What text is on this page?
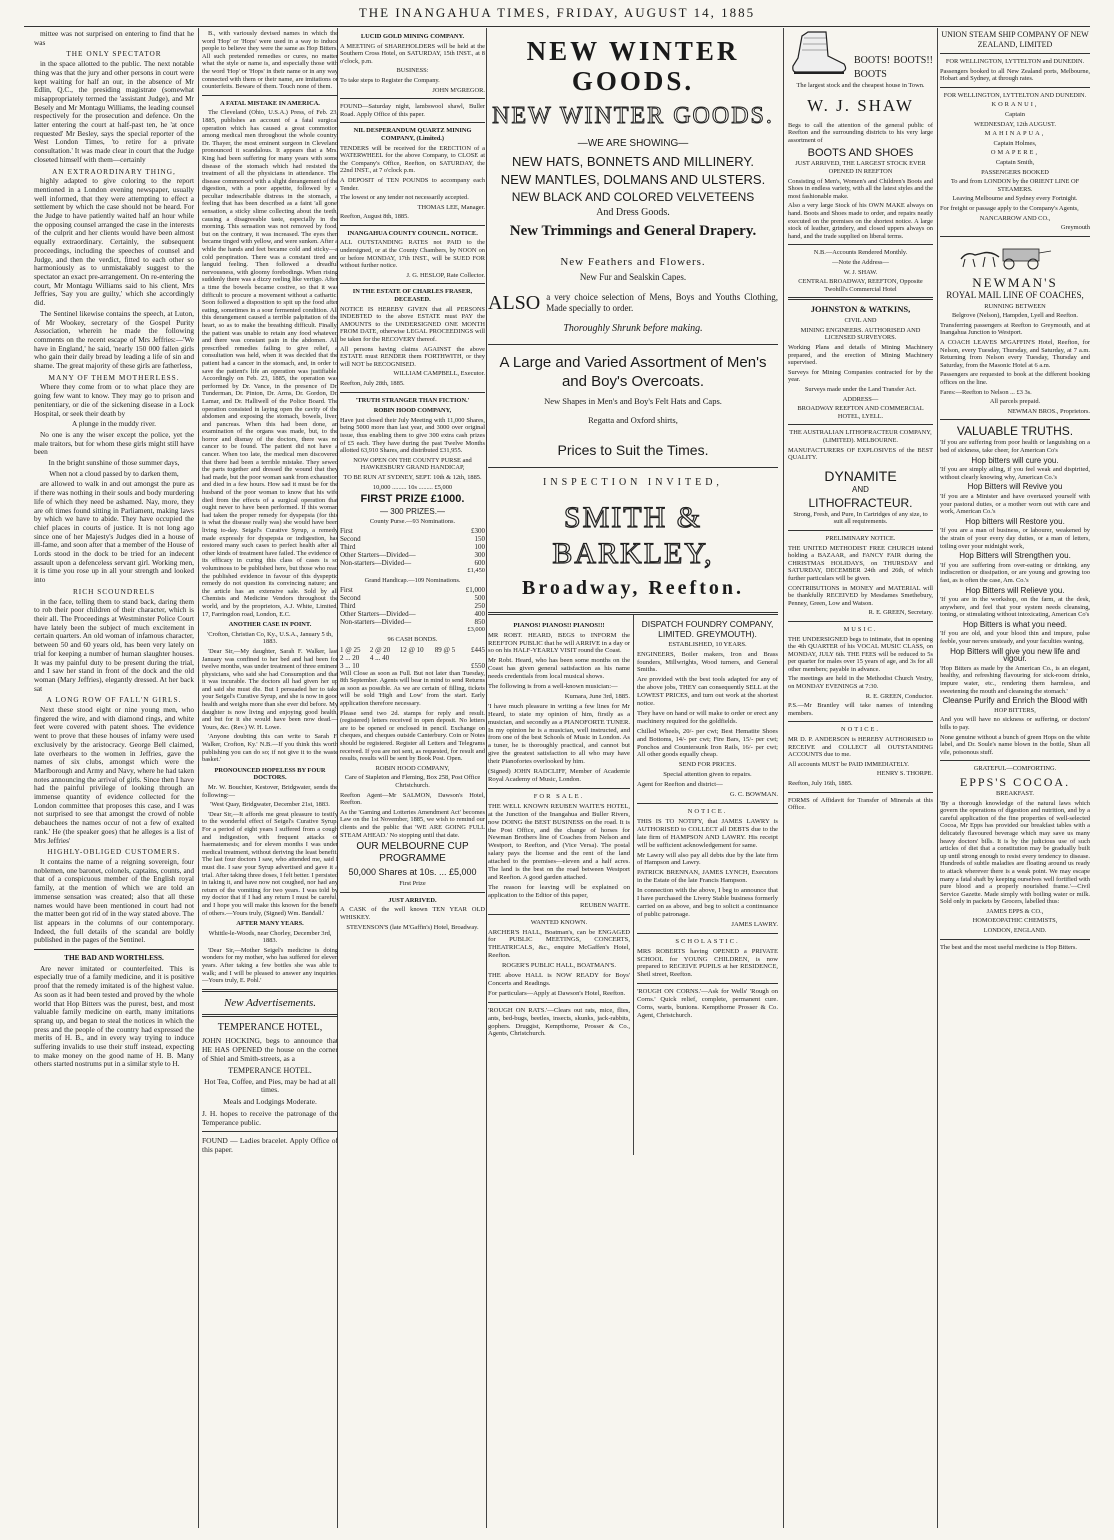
THE INANGAHUA TIMES, FRIDAY, AUGUST 14, 1885

mittee was not surprised on entering to find that he was

THE ONLY SPECTATOR

in the space allotted to the public. The next notable thing was that the jury and other persons in court were kept waiting for half an our, in the absence of Mr Edlin, Q.C., the presiding magistrate (somewhat misappropriately termed the 'assistant Judge), and Mr Besely and Mr Montagu Williams, the leading counsel respectively for the prosecution and defence. On the latter entering the court at half-past ten, he 'at once requested' Mr Besley, says the special reporter of the West London Times, 'to retire for a private consultation.' It was made clear in court that the Judge closeted himself with them—certainly

AN EXTRAORDINARY THING,

highly adapted to give coloring to the report mentioned in a London evening newspaper, usually well informed, that they were attempting to effect a settlement by which the case should not be heard. For the Judge to have patiently waited half an hour while the opposing counsel arranged the case in the interests of the culprit and her clients would have been almost equally extraordinary. Certainly, the subsequent proceedings, including the speeches of counsel and Judge, and then the verdict, fitted to each other so harmoniously as to unmistakably suggest to the spectator an exact pre-arrangement. On re-entering the court, Mr Montagu Williams said to his client, Mrs Jeffries, 'Say you are guilty,' which she accordingly did.

The Sentinel likewise contains the speech, at Luton, of Mr Wookey, secretary of the Gospel Purity Association, wherein he made the following comments on the recent escape of Mrs Jeffries:—'We have in England,' he said, 'nearly 150 000 fallen girls who gain their daily bread by leading a life of sin and shame. The great majority of these girls are fatherless,

MANY OF THEM MOTHERLESS.

Where they come from or to what place they are going few want to know. They may go to prison and penitentiary, or die of the sickening disease in a Lock Hospital, or seek their death by

A plunge in the muddy river.

No one is any the wiser except the police, yet the male traitors, but for whom these girls might still have been

In the bright sunshine of those summer days,

When not a cloud passed by to darken them,

are allowed to walk in and out amongst the pure as if there was nothing in their souls and body murdering life of which they need be ashamed. Nay, more, they are oft times found sitting in Parliament, making laws by which we have to abide. They have occupied the chief places in courts of justice. It is not long ago since one of her Majesty's Judges died in a house of ill-fame, and soon after that a member of the House of Lords stood in the dock to be tried for an indecent assault upon a defenceless servant girl. Working men, it is time you rose up in all your strength and looked into

RICH SCOUNDRELS

in the face, telling them to stand back, daring them to rob their poor children of their character, which is their all. The Proceedings at Westminster Police Court have lately been the subject of much excitement in certain quarters. An old woman of infamous character, between 50 and 60 years old, has been very lately on trial for keeping a number of human slaughter houses. It was my painful duty to be present during the trial, and I saw her stand in front of the dock and the old woman (Mary Jeffries), elegantly dressed. At her back sat

A LONG ROW OF FALL'N GIRLS.

Next these stood eight or nine young men, who fingered the wire, and with diamond rings, and white feet were covered with patent shoes. The evidence went to prove that these houses of infamy were used exclusively by the aristocracy. George Bell claimed, late overhears to the women in Jeffries, gave the names of six clubs, amongst which were the Marlborough and Army and Navy, where he had taken notes announcing the arrival of girls. Since then I have had the painful privilege of looking through an immense quantity of evidence collected for the London committee that proposes this case, and I was not surprised to see that amongst the crowd of noble debauchees the names occur of not a few of exalted rank.' He (the speaker goes) that he alleges is a list of Mrs Jeffries'

HIGHLY-OBLIGED CUSTOMERS.

It contains the name of a reigning sovereign, four noblemen, one baronet, colonels, captains, counts, and that of a conspicuous member of the English royal family, at the mention of which we are told an immense sensation was created; also that all these names would have been mentioned in court had not the matter been got rid of in the way stated above. The list appears in the columns of our contemporary. Indeed, the full details of the scandal are boldly published in the pages of the Sentinel.

THE BAD AND WORTHLESS.

Are never imitated or counterfeited. This is especially true of a family medicine, and it is positive proof that the remedy imitated is of the highest value. As soon as it had been tested and proved by the whole world that Hop Bitters was the purest, best, and most valuable family medicine on earth, many imitations sprang up, and began to steal the notices in which the press and the people of the country had expressed the merits of H. B., and in every way trying to induce suffering invalids to use their stuff instead, expecting to make money on the good name of H. B. Many others started nostrums put in a similar style to H.

B., with variously devised names in which the word 'Hop' or 'Hops' were used in a way to induce people to believe they were the same as Hop Bitters. All such pretended remedies or cures, no matter what the style or name is, and especially those with the word 'Hop' or 'Hops' in their name or in any way connected with them or their name, are imitations or counterfeits. Beware of them. Touch none of them.

A FATAL MISTAKE IN AMERICA.

The Cleveland (Ohio, U.S.A.) Press, of Feb. 23, 1885, publishes an account of a fatal surgical operation which has caused a great commotion among medical men throughout the whole country. Dr. Thayer, the most eminent surgeon in Cleveland pronounced it scandalous. It appears that a Mrs. King had been suffering for many years with some disease of the stomach which had resisted the treatment of all the physicians in attendance. The disease commenced with a slight derangement of the digestion, with a poor appetite, followed by a peculiar indescribable distress in the stomach, a feeling that has been described as a faint 'all gone' sensation, a sticky slime collecting about the teeth, causing a disagreeable taste, especially in the morning. This sensation was not removed by food, but on the contrary, it was increased. The eyes then became tinged with yellow, and were sunken. After a while the hands and feet became cold and sticky—a cold perspiration. There was a constant tired and languid feeling. Then followed a dreadful nervousness, with gloomy forebodings. When rising suddenly there was a dizzy reeling like vertigo. After a time the bowels became costive, so that it was difficult to procure a movement without a cathartic. Soon followed a disposition to spit up the food after eating, sometimes in a sour fermented condition. All this derangement caused a terrible palpitation of the heart, so as to make the breathing difficult. Finally, the patient was unable to retain any food whatever, and there was constant pain in the abdomen. All prescribed remedies failing to give relief, a consultation was held, when it was decided that the patient had a cancer in the stomach, and, in order to save the patient's life an operation was justifiable. Accordingly on Feb. 23, 1885, the operation was performed by Dr. Vance, in the presence of Dr. Tunderman, Dr. Pinton, Dr. Arms, Dr. Gordon, Dr. Lamar, and Dr. Halliwell of the Police Board. The operation consisted in laying open the cavity of the abdomen and exposing the stomach, bowels, liver, and pancreas. When this had been done, an examination of the organs was made, but, to the horror and dismay of the doctors, there was no cancer to be found. The patient did not have a cancer. When too late, the medical men discovered that there had been a terrible mistake. They sewed the parts together and dressed the wound that they had made, but the poor woman sank from exhaustion and died in a few hours. How sad it must be for the husband of the poor woman to know that his wife died from the effects of a surgical operation that ought never to have been performed. If this woman had taken the proper remedy for dyspepsia (for this is what the disease really was) she would have been living to-day. Seigel's Curative Syrup, a remedy made expressly for dyspepsia or indigestion, has restored many such cases to perfect health after all other kinds of treatment have failed. The evidence of its efficacy in curing this class of cases is so voluminous to be published here, but those who read the published evidence in favour of this dyspeptic remedy do not question its convincing nature; and the article has an extensive sale. Sold by all Chemists and Medicine Vendors throughout the world, and by the proprietors, A.J. White, Limited, 17, Farringdon road, London, E.C.

ANOTHER CASE IN POINT.

'Crofton, Christian Co, Ky., U.S.A., January 5 th, 1883.

'Dear Sir,—My daughter, Sarah F. Walker, last January was confined to her bed and had been for twelve months, was under treatment of three eminent physicians, who said she had Consumption and that it was incurable. The doctors all had given her up and said she must die. But I persuaded her to take your Seigel's Curative Syrup, and she is now in good health and weighs more than she ever did before. My daughter is now living and enjoying good health, and but for it she would have been now dead.—Yours, &c. (Rev.) W. H. Lowe.

'Anyone doubting this can write to Sarah F. Walker, Crofton, Ky.' N.B.—If you think this worth publishing you can do so; if not give it to the waste basket.'

PRONOUNCED HOPELESS BY FOUR DOCTORS.

Mr. W. Bouchier, Kestover, Bridgwater, sends the following:—

'West Quay, Bridgwater, December 21st, 1883.

'Dear Sir,—It affords me great pleasure to testify to the wonderful effect of Seigel's Curative Syrup. For a period of eight years I suffered from a cough and indigestion, with frequent attacks of haematemesis; and for eleven months I was under medical treatment, without deriving the least benefit. The last four doctors I saw, who attended me, said I must die. I saw your Syrup advertised and gave it a trial. After taking three doses, I felt better. I persisted in taking it, and have now not coughed, nor had any return of the vomiting for two years. I was told by my doctor that if I had any return I must be careful, and I hope you will make this known for the benefit of others.—Yours truly, (Signed) Wm. Bandall.'

AFTER MANY YEARS.

Whittle-le-Woods, near Chorley, December 3rd, 1883.

'Dear Sir,—Mother Seigel's medicine is doing wonders for my mother, who has suffered for eleven years. After taking a few bottles she was able to walk; and I will be pleased to answer any inquiries.—Yours truly, E. Pohl.'

New Advertisements.

TEMPERANCE HOTEL,

JOHN HOCKING, begs to announce that HE HAS OPENED the house on the corner of Shiel and Smith-streets, as a

TEMPERANCE HOTEL.

Hot Tea, Coffee, and Pies, may be had at all times.

Meals and Lodgings Moderate.

J. H. hopes to receive the patronage of the Temperance public.

FOUND — Ladies bracelet. Apply Office of this paper.

LUCID GOLD MINING COMPANY.

A MEETING of SHAREHOLDERS will be held at the Southern Cross Hotel, on SATURDAY, 15th INST., at 8 o'clock, p.m.

BUSINESS:

To take steps to Register the Company.

JOHN M'GREGOR.

FOUND—Saturday night, lambswool shawl, Buller Road. Apply Office of this paper.

NIL DESPERANDUM QUARTZ MINING COMPANY, (Limited.)

TENDERS will be received for the ERECTION of a WATERWHEEL for the above Company, to CLOSE at the Company's Office, Reefton, on SATURDAY, the 22nd INST., at 7 o'clock p.m.

A DEPOSIT of TEN POUNDS to accompany each Tender.

The lowest or any tender not necessarily accepted.

THOMAS LEE, Manager.

Reefton, August 8th, 1885.

INANGAHUA COUNTY COUNCIL. NOTICE.

ALL OUTSTANDING RATES not PAID to the undersigned, or at the County Chambers, by NOON on or before MONDAY, 17th INST., will be SUED FOR without further notice.

J. G. HESLOP, Rate Collector.

IN THE ESTATE OF CHARLES FRASER, DECEASED.

NOTICE IS HEREBY GIVEN that all PERSONS INDEBTED to the above ESTATE must PAY the AMOUNTS to the UNDERSIGNED ONE MONTH FROM DATE, otherwise LEGAL PROCEEDINGS will be taken for the RECOVERY thereof.

All persons having claims AGAINST the above ESTATE must RENDER them FORTHWITH, or they will NOT be RECOGNISED.

WILLIAM CAMPBELL, Executor.

Reefton, July 28th, 1885.

'TRUTH STRANGER THAN FICTION.'

ROBIN HOOD COMPANY,

Have just closed their July Meeting with 11,000 Shares, being 5000 more than last year, and 3000 over original issue, thus enabling them to give 300 extra cash prizes of £5 each. They have during the past Twelve Months allotted 63,910 Shares, and distributed £31,955.

NOW OPEN ON THE COUNTY PURSE and HAWKESBURY GRAND HANDICAP,

TO BE RUN AT SYDNEY, SEPT. 10th & 12th, 1885.

10,000 ......... 10s ......... £5,000

FIRST PRIZE £1000.

— 300 PRIZES.—

County Purse.—93 Nominations.

First	£300
Second	150
Third	100
Other Starters—Divided—	300
Non-starters—Divided—	600

£1,450

Grand Handicap.—109 Nominations.

First	£1,000
Second	500
Third	250
Other Starters—Divided—	400
Non-starters—Divided—	850

£3,000

96 CASH BONDS.

1 @ 25	2 @ 20	12 @ 10	89 @ 5	£445
2 ... 20	4 ... 40			
3 ... 10				£550

Will Close as soon as Full. But not later than Tuesday, 8th September. Agents will bear in mind to send Returns as soon as possible. As we are certain of filling, tickets will be sold 'High and Low' from the start. Early application therefore necessary.

Please send two 2d. stamps for reply and result. (registered) letters received in open deposit. No letters are to be opened or enclosed in pencil. Exchange on cheques, and cheques outside Canterbury. Coin or Notes should be registered. Register all Letters and Telegrams received. If you are not sent, as requested, for result and results, results will be sent by Book Post. Open.

ROBIN HOOD COMPANY,

Care of Stapleton and Fleming, Box 258, Post Office Christchurch.

Reefton Agent—Mr SALMON, Dawson's Hotel, Reefton.

As the 'Gaming and Lotteries Amendment Act' becomes Law on the 1st November, 1885, we wish to remind our clients and the public that 'WE ARE GOING FULL STEAM AHEAD.' No stopping until that date.

OUR MELBOURNE CUP PROGRAMME

50,000 Shares at 10s. ... £5,000

First Prize

JUST ARRIVED.

A CASK of the well known TEN YEAR OLD WHISKEY.

STEVENSON'S (late M'Gaffin's) Hotel, Broadway.

NEW WINTER GOODS.
NEW WINTER GOODS.
—WE ARE SHOWING—
NEW HATS, BONNETS AND MILLINERY.
NEW MANTLES, DOLMANS AND ULSTERS.
NEW BLACK AND COLORED VELVETEENS
And Dress Goods.
New Trimmings and General Drapery.
New Feathers and Flowers.
New Fur and Sealskin Capes.
ALSO a very choice selection of Mens, Boys and Youths Clothing, Made specially to order.
Thoroughly Shrunk before making.
A Large and Varied Assortment of Men's and Boy's Overcoats.
New Shapes in Men's and Boy's Felt Hats and Caps.
Regatta and Oxford shirts,
Prices to Suit the Times.
INSPECTION INVITED,
SMITH & BARKLEY,
Broadway, Reefton.

PIANOS! PIANOS!! PIANOS!!!

MR ROBT. HEARD, BEGS to INFORM the REEFTON PUBLIC that he will ARRIVE in a day or so on his HALF-YEARLY VISIT round the Coast.

Mr Robt. Heard, who has been some months on the Coast has given general satisfaction as his name needs credentials from local musical shows.

The following is from a well-known musician:—

Kumara, June 3rd, 1885.

'I have much pleasure in writing a few lines for Mr Heard, to state my opinion of him, firstly as a musician, and secondly as a PIANOFORTE TUNER. In my opinion he is a musician, well instructed, and from one of the best Schools of Music in London. As a tuner, he is thoroughly practical, and cannot but give the greatest satisfaction to all who may have their Pianofortes overlooked by him.

(Signed) JOHN RADCLIFF, Member of Academie Royal Academy of Music, London.

FOR SALE.

THE WELL KNOWN REUBEN WAITE'S HOTEL, at the Junction of the Inangahua and Buller Rivers, now DOING the BEST BUSINESS on the road. It is the Post Office, and the change of horses for Newman Brothers line of Coaches from Nelson and Westport, to Reefton, and (Vice Versa). The postal salary pays the license and the rent of the land attached to the premises—eleven and a half acres. The land is the best on the road between Westport and Reefton. A good garden attached.

The reason for leaving will be explained on application to the Editor of this paper,

REUBEN WAITE.

WANTED KNOWN.

ARCHER'S HALL, Boatman's, can be ENGAGED for PUBLIC MEETINGS, CONCERTS, THEATRICALS, &c., enquire McGaffen's Hotel, Reefton.

ROGER'S PUBLIC HALL, BOATMAN'S.

THE above HALL is NOW READY for Boys' Concerts and Readings.

For particulars—Apply at Dawson's Hotel, Reefton.

'ROUGH ON RATS.'—Clears out rats, mice, flies, ants, bed-bugs, beetles, insects, skunks, jack-rabbits, gophers. Druggist, Kempthorne, Prosser & Co., Agents, Christchurch.

DISPATCH FOUNDRY COMPANY, LIMITED. GREYMOUTH).

ESTABLISHED, 10 YEARS.

ENGINEERS, Boiler makers, Iron and Brass founders, Millwrights, Wood turners, and General Smiths.

Are provided with the best tools adapted for any of the above jobs, THEY can consequently SELL at the LOWEST PRICES, and turn out work at the shortest notice.

They have on hand or will make to order or erect any machinery required for the goldfields.

Chilled Wheels, 20/- per cwt; Best Hematite Shoes and Bottoms, 14/- per cwt; Fire Bars, 15/- per cwt; Ponchos and Countersunk Iron Rails, 16/- per cwt; All other goods equally cheap.

SEND FOR PRICES.

Special attention given to repairs.

Agent for Reefton and district—

G. C. BOWMAN.

NOTICE.

THIS IS TO NOTIFY, that JAMES LAWRY is AUTHORISED to COLLECT all DEBTS due to the late firm of HAMPSON AND LAWRY. His receipt will be sufficient acknowledgement for same.

Mr Lawry will also pay all debts due by the late firm of Hampson and Lawry.

PATRICK BRENNAN, JAMES LYNCH, Executors in the Estate of the late Francis Hampson.

In connection with the above, I beg to announce that I have purchased the Livery Stable business formerly carried on as above, and beg to solicit a continuance of public patronage.

JAMES LAWRY.

SCHOLASTIC.

MRS ROBERTS having OPENED a PRIVATE SCHOOL for YOUNG CHILDREN, is now prepared to RECEIVE PUPILS at her RESIDENCE, Sheil street, Reefton.

'ROUGH ON CORNS.'—Ask for Wells' 'Rough on Corns.' Quick relief, complete, permanent cure. Corns, warts, bunions. Kempthorne Prosser & Co. Agent, Christchurch.

BOOTS! BOOTS!! BOOTS

The largest stock and the cheapest house in Town.

W. J. SHAW

Begs to call the attention of the general public of Reefton and the surrounding districts to his very large assortment of

BOOTS AND SHOES

JUST ARRIVED, THE LARGEST STOCK EVER OPENED IN REEFTON

Consisting of Men's, Women's and Children's Boots and Shoes in endless variety, with all the latest styles and the most fashionable make.

Also a very large Stock of his OWN MAKE always on hand. Boots and Shoes made to order, and repairs neatly executed on the premises on the shortest notice. A large stock of leather, grindery, and closed uppers always on hand, and the trade supplied on liberal terms.

N.B.—Accounts Rendered Monthly.

—Note the Address—

W. J. SHAW.

CENTRAL BROADWAY, REEFTON, Opposite Twohill's Commercial Hotel

JOHNSTON & WATKINS,

CIVIL AND

MINING ENGINEERS. AUTHORISED AND LICENSED SURVEYORS.

Working Plans and details of Mining Machinery prepared, and the erection of Mining Machinery supervised.

Surveys for Mining Companies contracted for by the year.

Surveys made under the Land Transfer Act.

ADDRESS—

BROADWAY REEFTON AND COMMERCIAL HOTEL, LYELL.

THE AUSTRALIAN LITHOFRACTEUR COMPANY, (LIMITED). MELBOURNE.

MANUFACTURERS OF EXPLOSIVES of the BEST QUALITY.

DYNAMITE
AND
LITHOFRACTEUR.

Strong, Fresh, and Pure, In Cartridges of any size, to suit all requirements.

PRELIMINARY NOTICE.

THE UNITED METHODIST FREE CHURCH intend holding a BAZAAR, and FANCY FAIR during the CHRISTMAS HOLIDAYS, on THURSDAY and SATURDAY, DECEMBER 24th and 26th, of which further particulars will be given.

CONTRIBUTIONS in MONEY and MATERIAL will be thankfully RECEIVED by Mesdames Smethebury, Penney, Green, Low and Watson.

R. E. GREEN, Secretary.

MUSIC.

THE UNDERSIGNED begs to intimate, that in opening the 4th QUARTER of his VOCAL MUSIC CLASS, on MONDAY, JULY 6th. THE FEES will be reduced to 5s per quarter for males over 15 years of age, and 3s for all other members; payable in advance.

The meetings are held in the Methodist Church Vestry, on MONDAY EVENINGS at 7:30.

R. E. GREEN, Conductor.

P.S.—Mr Brantley will take names of intending members.

NOTICE.

MR D. P. ANDERSON is HEREBY AUTHORISED to RECEIVE and COLLECT all OUTSTANDING ACCOUNTS due to me.

All accounts MUST be PAID IMMEDIATELY.

HENRY S. THORPE.

Reefton, July 16th, 1885.

FORMS of Affidavit for Transfer of Minerals at this Office.

UNION STEAM SHIP COMPANY OF NEW ZEALAND, LIMITED

FOR WELLINGTON, LYTTELTON and DUNEDIN.

Passengers booked to all New Zealand ports, Melbourne, Hobart and Sydney, at through rates.

FOR WELLINGTON, LYTTELTON AND DUNEDIN.

KORANUI,

Captain

WEDNESDAY, 12th AUGUST.

MAHINAPUA,

Captain Holmes,

OMAPERE,

Captain Smith,

PASSENGERS BOOKED

To and from LONDON by the ORIENT LINE OF STEAMERS.

Leaving Melbourne and Sydney every Fortnight.

For freight or passage apply to the Company's Agents,

NANCARROW AND CO.,

Greymouth

NEWMAN'S

ROYAL MAIL LINE OF COACHES,

RUNNING BETWEEN

Belgrove (Nelson), Hampden, Lyell and Reefton.

Transferring passengers at Reefton to Greymouth, and at Inangahua Junction to Westport.

A COACH LEAVES M'GAFFIN'S Hotel, Reefton, for Nelson, every Tuesday, Thursday, and Saturday, at 7 a.m. Returning from Nelson every Tuesday, Thursday and Saturday, from the Masonic Hotel at 6 a.m.

Passengers are requested to book at the different booking offices on the line.

Fares:—Reefton to Nelson ... £3 3s.

All parcels prepaid.

NEWMAN BROS., Proprietors.

VALUABLE TRUTHS.

'If you are suffering from poor health or languishing on a bed of sickness, take cheer, for American Co's

Hop bitters will cure you.

'If you are simply ailing, if you feel weak and dispirited, without clearly knowing why, American Co.'s

Hop Bitters will Revive you

'If you are a Minister and have overtaxed yourself with your pastoral duties, or a mother worn out with care and work, American Co.'s

Hop bitters will Restore you.

'If you are a man of business, or labourer, weakened by the strain of your every day duties, or a man of letters, toiling over your midnight work,

Hop Bitters will Strengthen you.

'If you are suffering from over-eating or drinking, any indiscretion or dissipation, or are young and growing too fast, as is often the case, Am. Co.'s

Hop Bitters will Relieve you.

'If you are in the workshop, on the farm, at the desk, anywhere, and feel that your system needs cleansing, toning, or stimulating without intoxicating, American Co's

Hop Bitters is what you need.

'If you are old, and your blood thin and impure, pulse feeble, your nerves unsteady, and your faculties waning,

Hop Bitters will give you new life and vigour.

'Hop Bitters as made by the American Co., is an elegant, healthy, and refreshing flavouring for sick-room drinks, impure water, etc., rendering them harmless, and sweetening the mouth and cleansing the stomach.'

Cleanse Purify and Enrich the Blood with

HOP BITTERS,

And you will have no sickness or suffering, or doctors' bills to pay.

None genuine without a bunch of green Hops on the white label, and Dr. Soule's name blown in the bottle, Shun all vile, poisonous stuff.

GRATEFUL—COMFORTING.

EPPS'S COCOA.

BREAKFAST.

'By a thorough knowledge of the natural laws which govern the operations of digestion and nutrition, and by a careful application of the fine properties of well-selected Cocoa, Mr Epps has provided our breakfast tables with a delicately flavoured beverage which may save us many heavy doctors' bills. It is by the judicious use of such articles of diet that a constitution may be gradually built up until strong enough to resist every tendency to disease. Hundreds of subtle maladies are floating around us ready to attack wherever there is a weak point. We may escape many a fatal shaft by keeping ourselves well fortified with pure blood and a properly nourished frame.'—Civil Service Gazette. Made simply with boiling water or milk. Sold only in packets by Grocers, labelled thus:

JAMES EPPS & CO.,

HOMOEOPATHIC CHEMISTS,

LONDON, ENGLAND.

The best and the most useful medicine is Hop Bitters.
